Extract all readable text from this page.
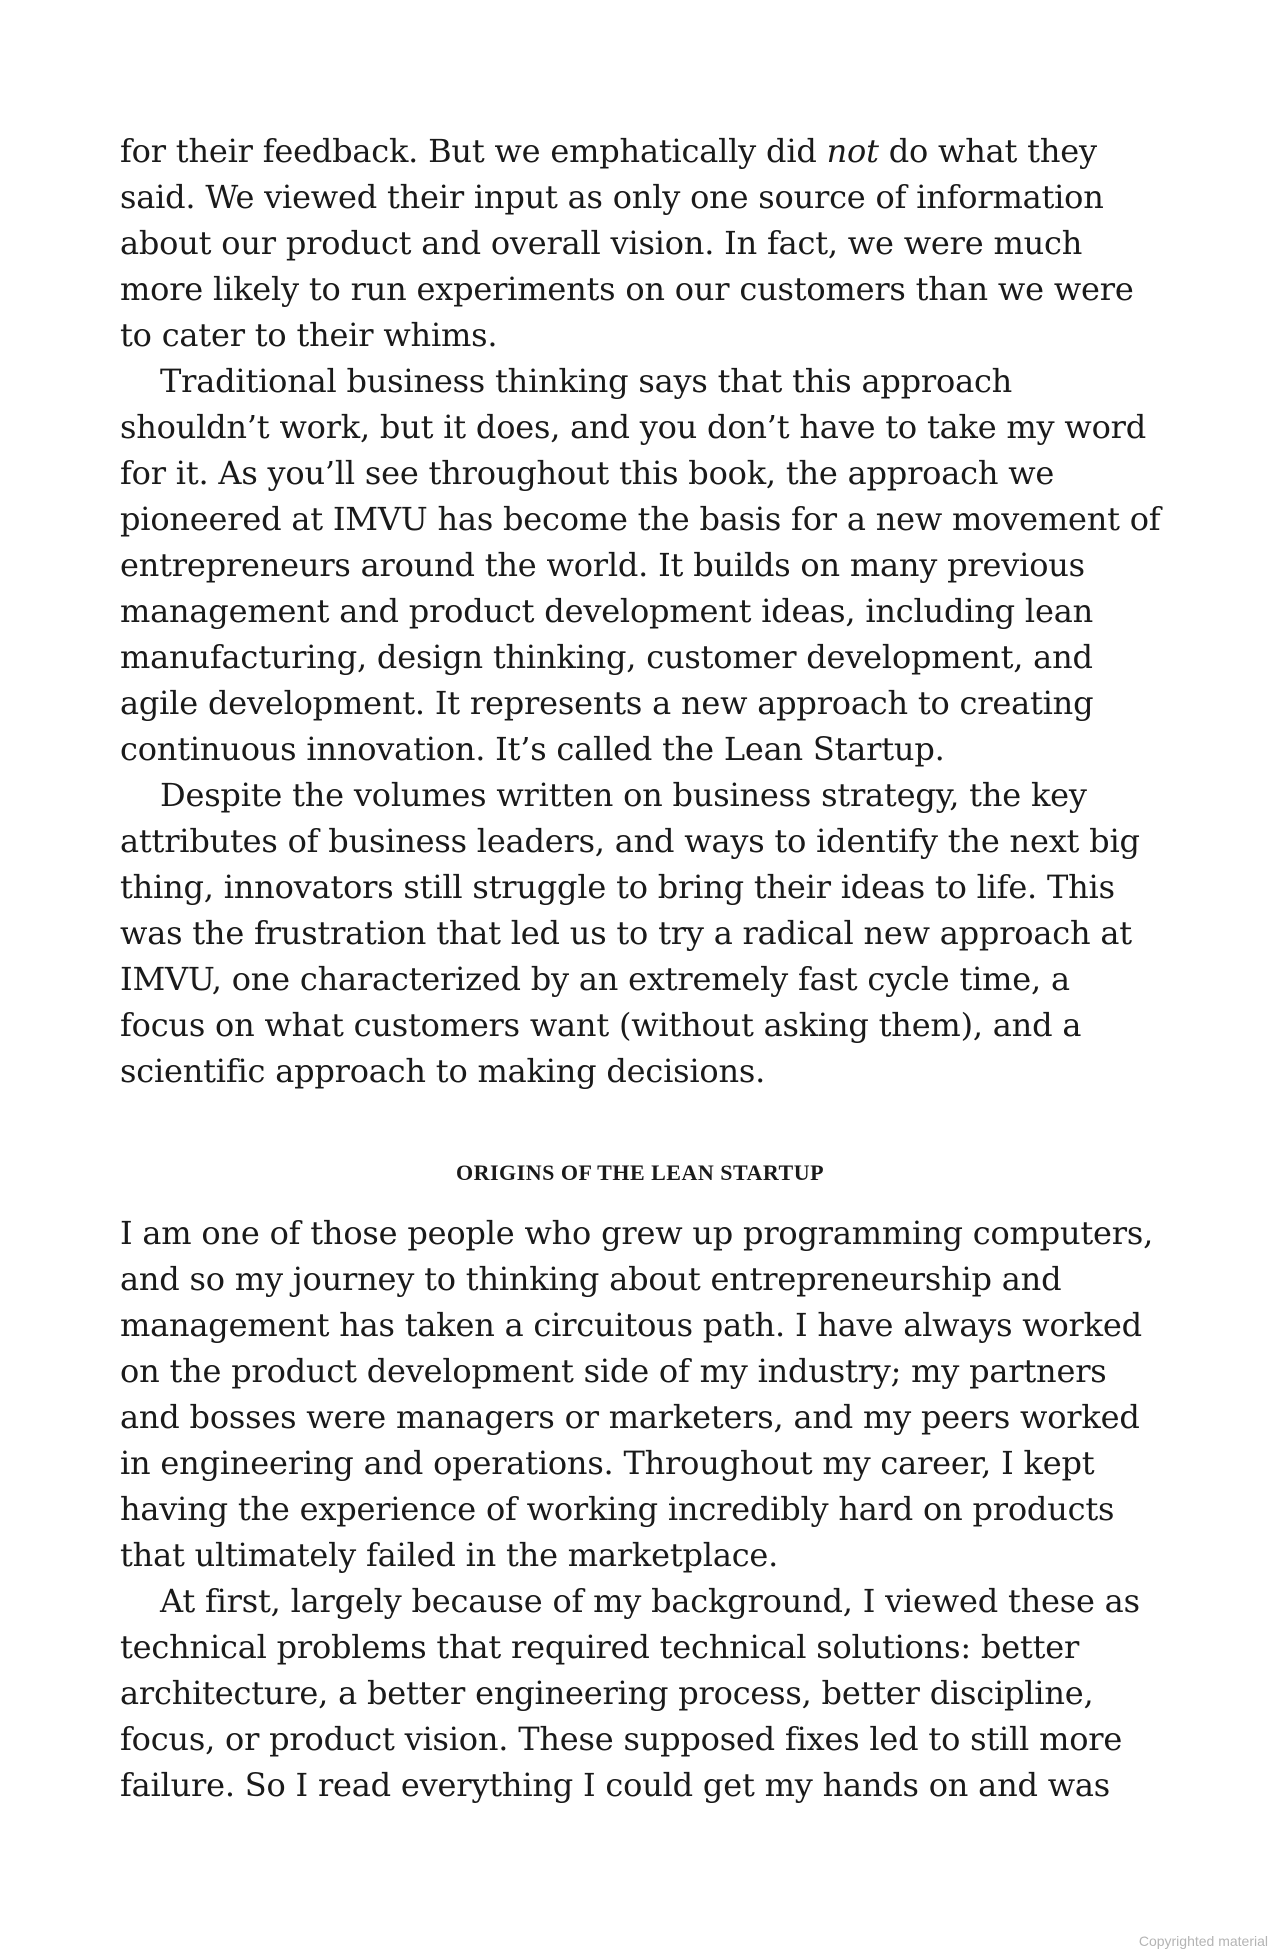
for their feedback. But we emphatically did not do what they said. We viewed their input as only one source of information about our product and overall vision. In fact, we were much more likely to run experiments on our customers than we were to cater to their whims.

Traditional business thinking says that this approach shouldn’t work, but it does, and you don’t have to take my word for it. As you’ll see throughout this book, the approach we pioneered at IMVU has become the basis for a new movement of entrepreneurs around the world. It builds on many previous management and product development ideas, including lean manufacturing, design thinking, customer development, and agile development. It represents a new approach to creating continuous innovation. It’s called the Lean Startup.

Despite the volumes written on business strategy, the key attributes of business leaders, and ways to identify the next big thing, innovators still struggle to bring their ideas to life. This was the frustration that led us to try a radical new approach at IMVU, one characterized by an extremely fast cycle time, a focus on what customers want (without asking them), and a scientific approach to making decisions.

ORIGINS OF THE LEAN STARTUP

I am one of those people who grew up programming computers, and so my journey to thinking about entrepreneurship and management has taken a circuitous path. I have always worked on the product development side of my industry; my partners and bosses were managers or marketers, and my peers worked in engineering and operations. Throughout my career, I kept having the experience of working incredibly hard on products that ultimately failed in the marketplace.

At first, largely because of my background, I viewed these as technical problems that required technical solutions: better architecture, a better engineering process, better discipline, focus, or product vision. These supposed fixes led to still more failure. So I read everything I could get my hands on and was

Copyrighted material
